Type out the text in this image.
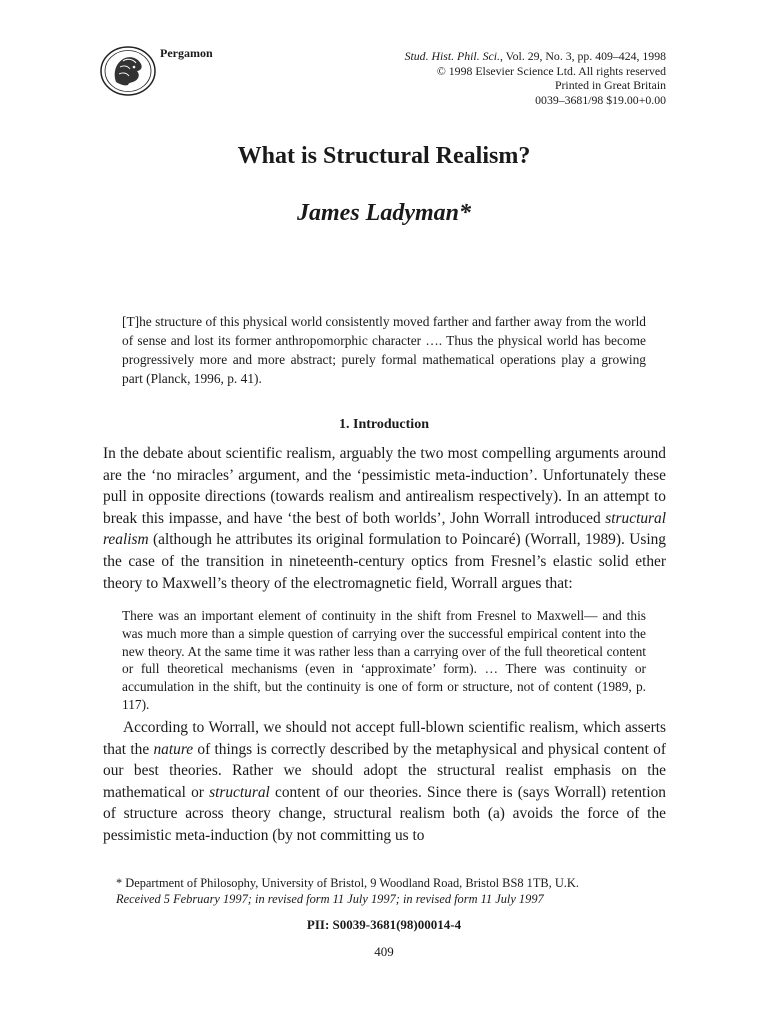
Pergamon	Stud. Hist. Phil. Sci., Vol. 29, No. 3, pp. 409–424, 1998
© 1998 Elsevier Science Ltd. All rights reserved
Printed in Great Britain
0039–3681/98 $19.00+0.00
What is Structural Realism?
James Ladyman*
[T]he structure of this physical world consistently moved farther and farther away from the world of sense and lost its former anthropomorphic character …. Thus the physical world has become progressively more and more abstract; purely formal mathematical operations play a growing part (Planck, 1996, p. 41).
1. Introduction
In the debate about scientific realism, arguably the two most compelling arguments around are the ‘no miracles’ argument, and the ‘pessimistic meta-induction’. Unfortunately these pull in opposite directions (towards realism and antirealism respectively). In an attempt to break this impasse, and have ‘the best of both worlds’, John Worrall introduced structural realism (although he attributes its original formulation to Poincaré) (Worrall, 1989). Using the case of the transition in nineteenth-century optics from Fresnel’s elastic solid ether theory to Maxwell’s theory of the electromagnetic field, Worrall argues that:
There was an important element of continuity in the shift from Fresnel to Maxwell— and this was much more than a simple question of carrying over the successful empirical content into the new theory. At the same time it was rather less than a carrying over of the full theoretical content or full theoretical mechanisms (even in ‘approximate’ form). … There was continuity or accumulation in the shift, but the continuity is one of form or structure, not of content (1989, p. 117).
According to Worrall, we should not accept full-blown scientific realism, which asserts that the nature of things is correctly described by the metaphysical and physical content of our best theories. Rather we should adopt the structural realist emphasis on the mathematical or structural content of our theories. Since there is (says Worrall) retention of structure across theory change, structural realism both (a) avoids the force of the pessimistic meta-induction (by not committing us to
* Department of Philosophy, University of Bristol, 9 Woodland Road, Bristol BS8 1TB, U.K.
Received 5 February 1997; in revised form 11 July 1997; in revised form 11 July 1997
PII: S0039-3681(98)00014-4
409
